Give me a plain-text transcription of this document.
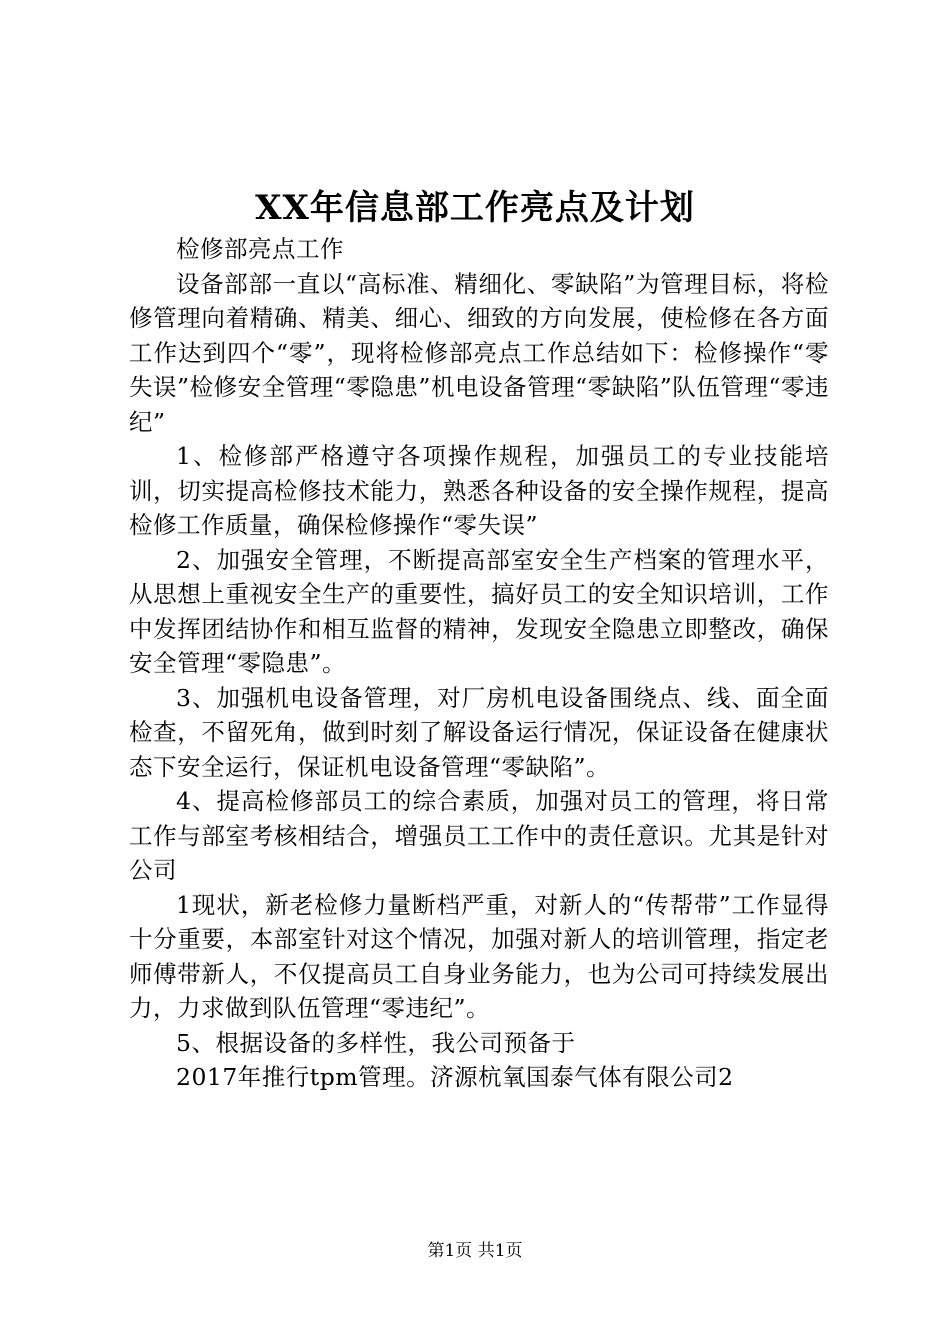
XX年信息部工作亮点及计划

检修部亮点工作

设备部部一直以“高标准、精细化、零缺陷”为管理目标，将检修管理向着精确、精美、细心、细致的方向发展，使检修在各方面工作达到四个“零”，现将检修部亮点工作总结如下：检修操作“零失误”检修安全管理“零隐患”机电设备管理“零缺陷”队伍管理“零违纪”

1、检修部严格遵守各项操作规程，加强员工的专业技能培训，切实提高检修技术能力，熟悉各种设备的安全操作规程，提高检修工作质量，确保检修操作“零失误”

2、加强安全管理，不断提高部室安全生产档案的管理水平，从思想上重视安全生产的重要性，搞好员工的安全知识培训，工作中发挥团结协作和相互监督的精神，发现安全隐患立即整改，确保安全管理“零隐患”。

3、加强机电设备管理，对厂房机电设备围绕点、线、面全面检查，不留死角，做到时刻了解设备运行情况，保证设备在健康状态下安全运行，保证机电设备管理“零缺陷”。

4、提高检修部员工的综合素质，加强对员工的管理，将日常工作与部室考核相结合，增强员工工作中的责任意识。尤其是针对公司

1现状，新老检修力量断档严重，对新人的“传帮带”工作显得十分重要，本部室针对这个情况，加强对新人的培训管理，指定老师傅带新人，不仅提高员工自身业务能力，也为公司可持续发展出力，力求做到队伍管理“零违纪”。

5、根据设备的多样性，我公司预备于

2017年推行tpm管理。济源杭氧国泰气体有限公司2

第1页 共1页
